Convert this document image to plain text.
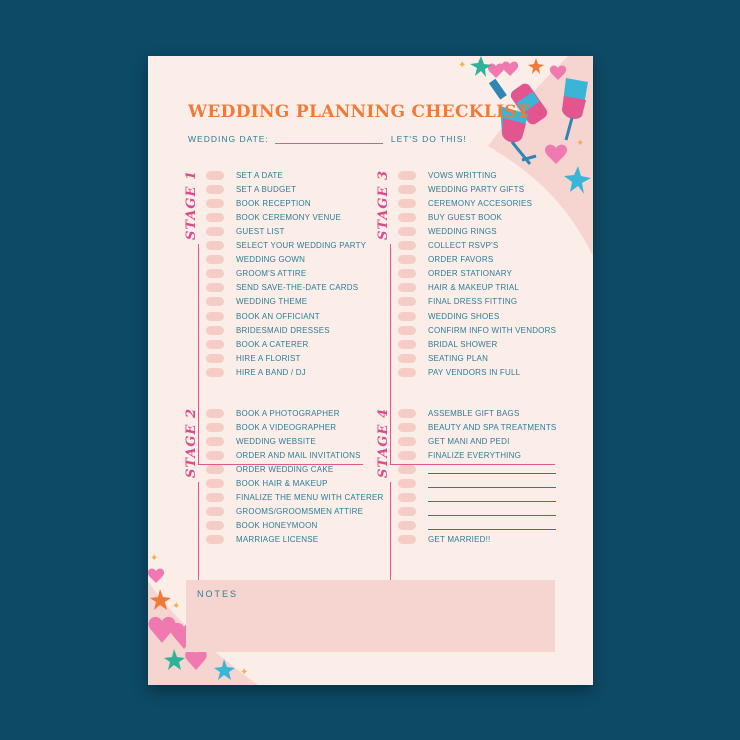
✦
✦
✦
✦
✦
WEDDING PLANNING CHECKLIST
WEDDING DATE:	LET'S DO THIS!
STAGE 1	SET A DATE
SET A BUDGET
BOOK RECEPTION
BOOK CEREMONY VENUE
GUEST LIST
SELECT YOUR WEDDING PARTY
WEDDING GOWN
GROOM'S ATTIRE
SEND SAVE-THE-DATE CARDS
WEDDING THEME
BOOK AN OFFICIANT
BRIDESMAID DRESSES
BOOK A CATERER
HIRE A FLORIST
HIRE A BAND / DJ
STAGE 3	VOWS WRITTING
WEDDING PARTY GIFTS
CEREMONY ACCESORIES
BUY GUEST BOOK
WEDDING RINGS
COLLECT RSVP'S
ORDER FAVORS
ORDER STATIONARY
HAIR & MAKEUP TRIAL
FINAL DRESS FITTING
WEDDING SHOES
CONFIRM INFO WITH VENDORS
BRIDAL SHOWER
SEATING PLAN
PAY VENDORS IN FULL
STAGE 2	BOOK A PHOTOGRAPHER
BOOK A VIDEOGRAPHER
WEDDING WEBSITE
ORDER AND MAIL INVITATIONS
ORDER WEDDING CAKE
BOOK HAIR & MAKEUP
FINALIZE THE MENU WITH CATERER
GROOMS/GROOMSMEN ATTIRE
BOOK HONEYMOON
MARRIAGE LICENSE
STAGE 4	ASSEMBLE GIFT BAGS
BEAUTY AND SPA TREATMENTS
GET MANI AND PEDI
FINALIZE EVERYTHING
GET MARRIED!!
NOTES
